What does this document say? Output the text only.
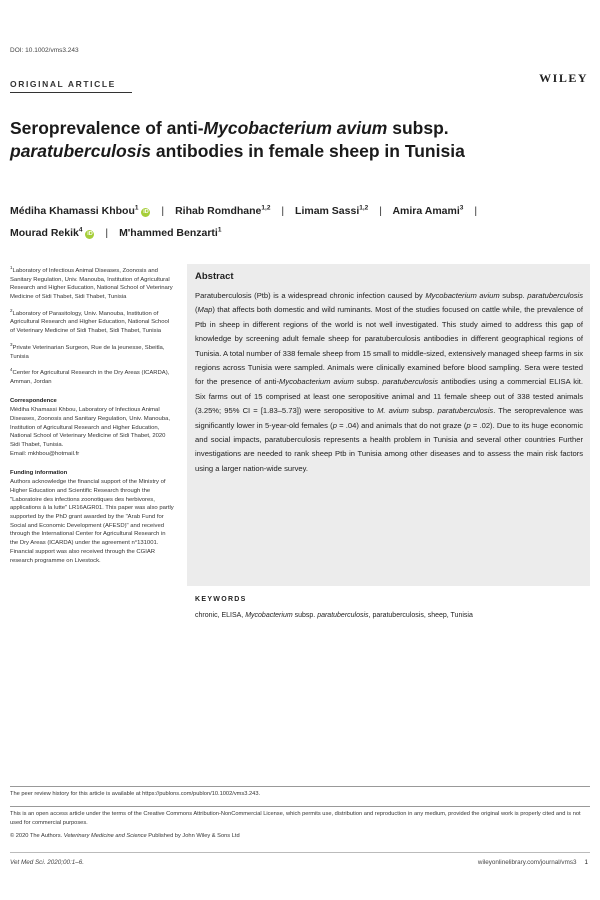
DOI: 10.1002/vms3.243
ORIGINAL ARTICLE	WILEY
Seroprevalence of anti-Mycobacterium avium subsp.
paratuberculosis antibodies in female sheep in Tunisia
Médiha Khamassi Khbou$^1$iD | Rihab Romdhane$^{1,2}$ | Limam Sassi$^{1,2}$ | Amira Amami$^3$ |
Mourad Rekik$^4$iD | M'hammed Benzarti$^1$

$^1$Laboratory of Infectious Animal Diseases, Zoonosis and Sanitary Regulation, Univ. Manouba, Institution of Agricultural Research and Higher Education, National School of Veterinary Medicine of Sidi Thabet, Sidi Thabet, Tunisia

$^2$Laboratory of Parasitology, Univ. Manouba, Institution of Agricultural Research and Higher Education, National School of Veterinary Medicine of Sidi Thabet, Sidi Thabet, Tunisia

$^3$Private Veterinarian Surgeon, Rue de la jeunesse, Sbeitla, Tunisia

$^4$Center for Agricultural Research in the Dry Areas (ICARDA), Amman, Jordan

Correspondence

Médiha Khamassi Khbou, Laboratory of Infectious Animal Diseases, Zoonosis and Sanitary Regulation, Univ. Manouba, Institution of Agricultural Research and Higher Education, National School of Veterinary Medicine of Sidi Thabet, 2020 Sidi Thabet, Tunisia.

Email: mkhbou@hotmail.fr

Funding information

Authors acknowledge the financial support of the Ministry of Higher Education and Scientific Research through the "Laboratoire des infections zoonotiques des herbivores, applications à la lutte" LR16AGR01. This paper was also partly supported by the PhD grant awarded by the "Arab Fund for Social and Economic Development (AFESD)" and received through the International Center for Agricultural Research in the Dry Areas (ICARDA) under the agreement n°131001. Financial support was also received through the CGIAR research programme on Livestock.

Abstract
Paratuberculosis (Ptb) is a widespread chronic infection caused by Mycobacterium avium subsp. paratuberculosis (Map) that affects both domestic and wild ruminants. Most of the studies focused on cattle while, the prevalence of Ptb in sheep in different regions of the world is not well investigated. This study aimed to address this gap of knowledge by screening adult female sheep for paratuberculosis antibodies in different geographical regions of Tunisia. A total number of 338 female sheep from 15 small to middle-sized, extensively managed sheep farms in six regions across Tunisia were sampled. Animals were clinically examined before blood sampling. Sera were tested for the presence of anti-Mycobacterium avium subsp. paratuberculosis antibodies using a commercial ELISA kit. Six farms out of 15 comprised at least one seropositive animal and 11 female sheep out of 338 tested animals (3.25%; 95% CI = [1.83–5.73]) were seropositive to M. avium subsp. paratuberculosis. The seroprevalence was significantly lower in 5-year-old females (p = .04) and animals that do not graze (p = .02). Due to its huge economic and social impacts, paratuberculosis represents a health problem in Tunisia and several other countries Further investigations are needed to rank sheep Ptb in Tunisia among other diseases and to assess the main risk factors using a larger nation-wide survey.
KEYWORDS
chronic, ELISA, Mycobacterium subsp. paratuberculosis, paratuberculosis, sheep, Tunisia
The peer review history for this article is available at https://publons.com/publon/10.1002/vms3.243.
This is an open access article under the terms of the Creative Commons Attribution-NonCommercial License, which permits use, distribution and reproduction in any medium, provided the original work is properly cited and is not used for commercial purposes.
© 2020 The Authors. Veterinary Medicine and Science Published by John Wiley & Sons Ltd
Vet Med Sci. 2020;00:1–6.	wileyonlinelibrary.com/journal/vms3 1
